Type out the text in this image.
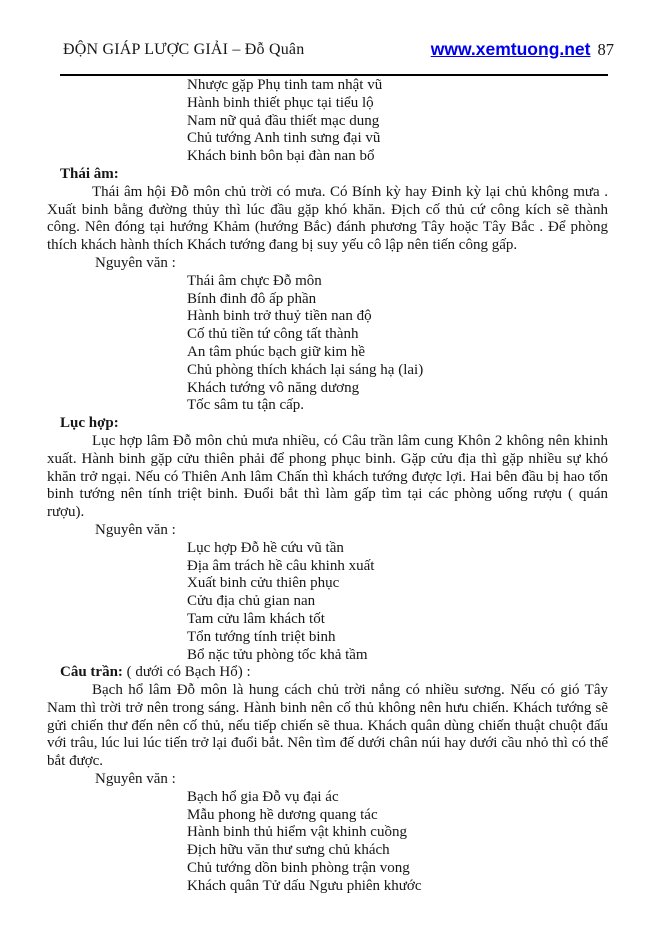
ĐỘN GIÁP LƯỢC GIẢI – Đỗ Quân	www.xemtuong.net 87
Nhược gặp Phụ tinh tam nhật vũ
Hành binh thiết phục tại tiểu lộ
Nam nữ quả đầu thiết mạc dung
Chủ tướng Anh tinh sưng đại vũ
Khách binh bôn bại đàn nan bổ
Thái âm:

Thái âm hội Đỗ môn chủ trời có mưa. Có Bính kỳ hay Đinh kỳ lại chủ không mưa . Xuất binh bằng đường thủy thì lúc đầu gặp khó khăn. Địch cố thủ cứ công kích sẽ thành công. Nên đóng tại hướng Khảm (hướng Bắc) đánh phương Tây hoặc Tây Bắc . Để phòng thích khách hành thích Khách tướng đang bị suy yếu cô lập nên tiến công gấp.

Nguyên văn :
Thái âm chực Đỗ môn
Bính đinh đô ấp phần
Hành binh trở thuỷ tiền nan độ
Cố thủ tiền tứ công tất thành
An tâm phúc bạch giữ kim hề
Chủ phòng thích khách lại sáng hạ (lai)
Khách tướng vô năng dương
Tốc sâm tu tận cấp.
Lục hợp:

Lục hợp lâm Đỗ môn chủ mưa nhiều, có Câu trần lâm cung Khôn 2 không nên khinh xuất. Hành binh gặp cửu thiên phải để phong phục binh. Gặp cửu địa thì gặp nhiều sự khó khăn trở ngại. Nếu có Thiên Anh lâm Chấn thì khách tướng được lợi. Hai bên đầu bị hao tổn binh tướng nên tính triệt binh. Đuổi bắt thì làm gấp tìm tại các phòng uống rượu ( quán rượu).

Nguyên văn :
Lục hợp Đỗ hề cứu vũ tần
Địa âm trách hề câu khinh xuất
Xuất binh cửu thiên phục
Cửu địa chủ gian nan
Tam cửu lâm khách tốt
Tổn tướng tính triệt binh
Bổ nặc tửu phòng tốc khả tầm
Câu trần: ( dưới có Bạch Hổ) :

Bạch hổ lâm Đỗ môn là hung cách chủ trời nắng có nhiều sương. Nếu có gió Tây Nam thì trời trở nên trong sáng. Hành binh nên cố thủ không nên hưu chiến. Khách tướng sẽ gửi chiến thư đến nên cố thủ, nếu tiếp chiến sẽ thua. Khách quân dùng chiến thuật chuột đấu với trâu, lúc lui lúc tiến trở lại đuổi bắt. Nên tìm đế dưới chân núi hay dưới cầu nhỏ thì có thể bắt được.

Nguyên văn :
Bạch hổ gia Đỗ vụ đại ác
Mẫu phong hề dương quang tác
Hành binh thủ hiểm vật khinh cuồng
Địch hữu văn thư sưng chủ khách
Chủ tướng dồn binh phòng trận vong
Khách quân Tử dấu Ngưu phiên khước
